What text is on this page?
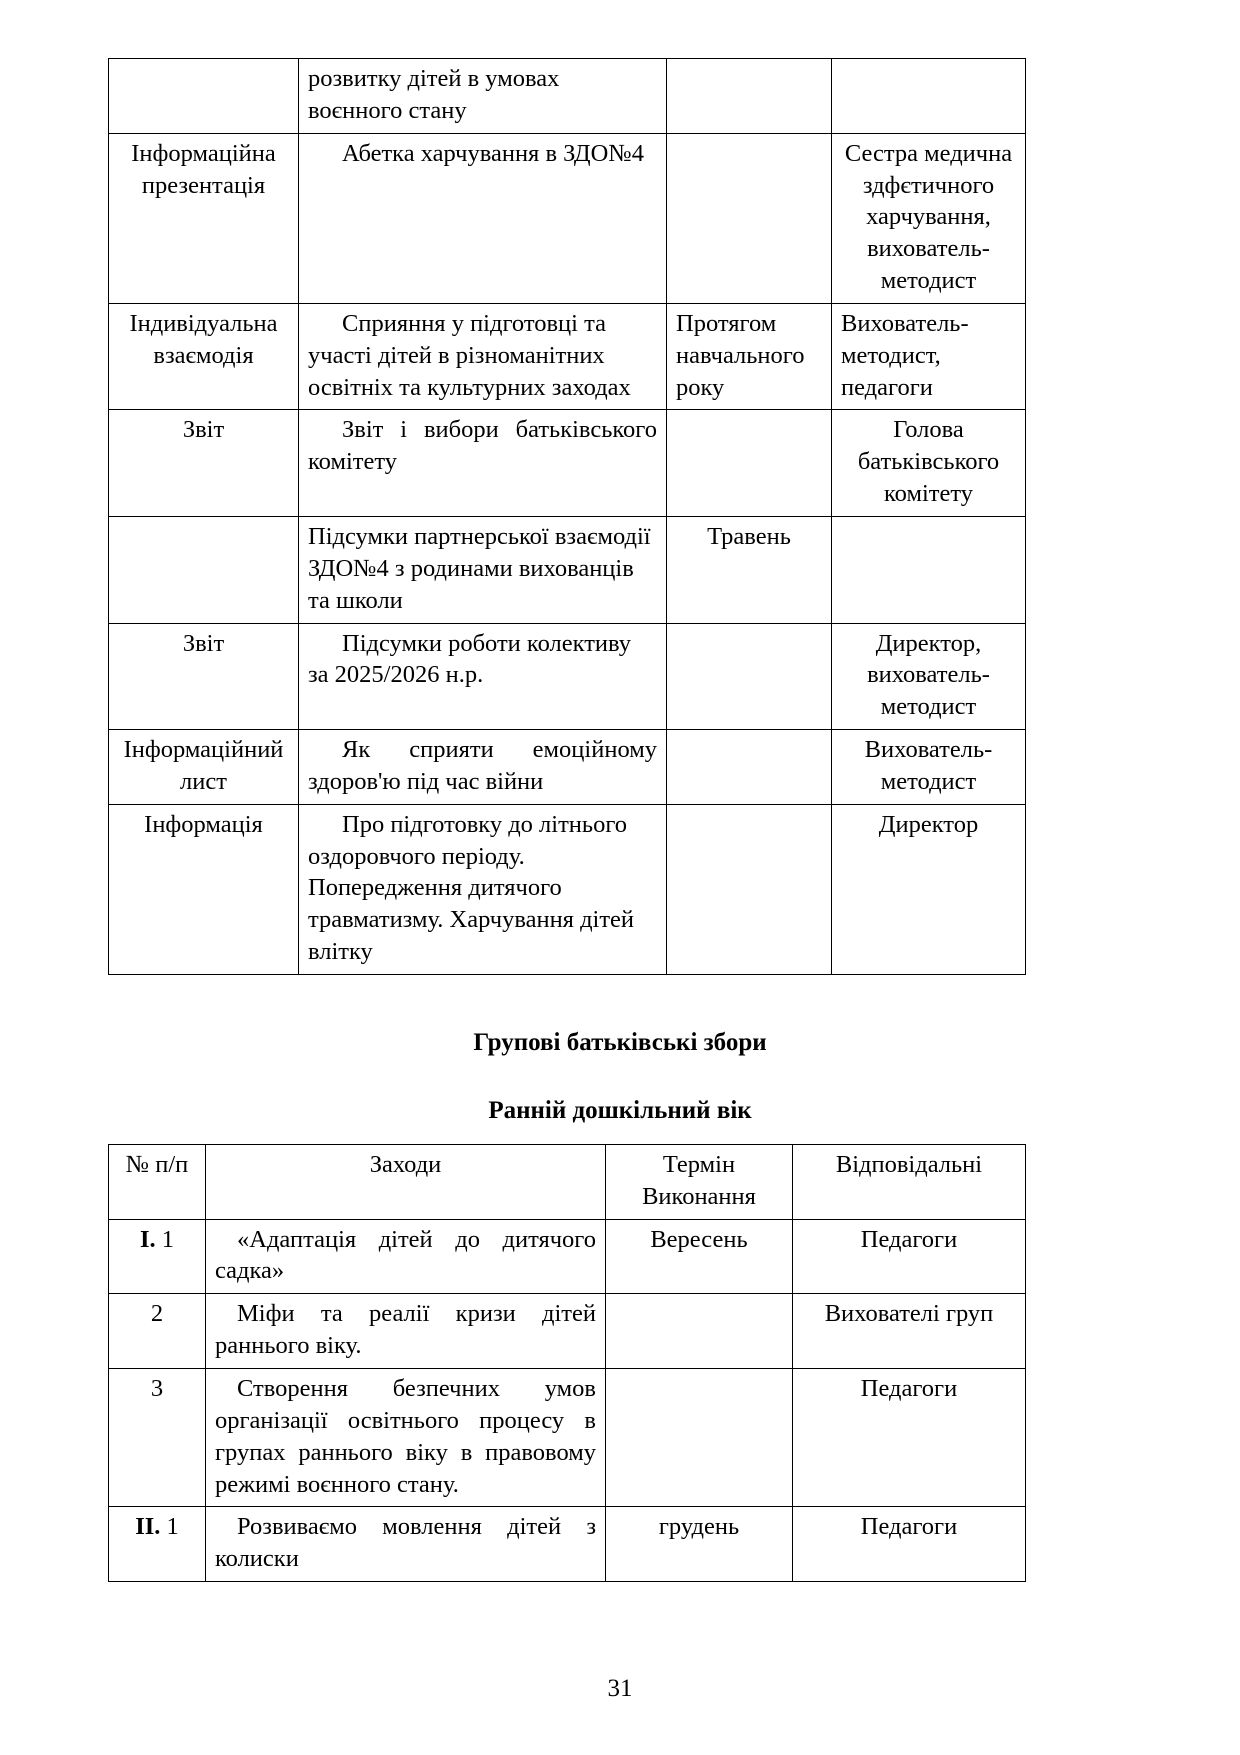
	розвитку дітей в умовах воєнного стану		
Інформаційна презентація	Абетка харчування в ЗДО№4		Сестра медична здфєтичного харчування, вихователь-методист
Індивідуальна взаємодія	Сприяння у підготовці та участі дітей в різноманітних освітніх та культурних заходах	Протягом навчального року	Вихователь-методист, педагоги
Звіт	Звіт і вибори батьківського комітету		Голова батьківського комітету
	Підсумки партнерської взаємодії ЗДО№4 з родинами вихованців та школи	Травень	
Звіт	Підсумки роботи колективу за 2025/2026 н.р.		Директор, вихователь-методист
Інформаційний лист	Як сприяти емоційному здоров'ю під час війни		Вихователь-методист
Інформація	Про підготовку до літнього оздоровчого періоду. Попередження дитячого травматизму. Харчування дітей влітку		Директор
Групові батьківські збори
Ранній дошкільний вік
№ п/п	Заходи	Термін Виконання	Відповідальні
I. 1	«Адаптація дітей до дитячого садка»	Вересень	Педагоги
2	Міфи та реалії кризи дітей раннього віку.		Вихователі груп
3	Створення безпечних умов організації освітнього процесу в групах раннього віку в правовому режимі воєнного стану.		Педагоги
II. 1	Розвиваємо мовлення дітей з колиски	грудень	Педагоги
31
